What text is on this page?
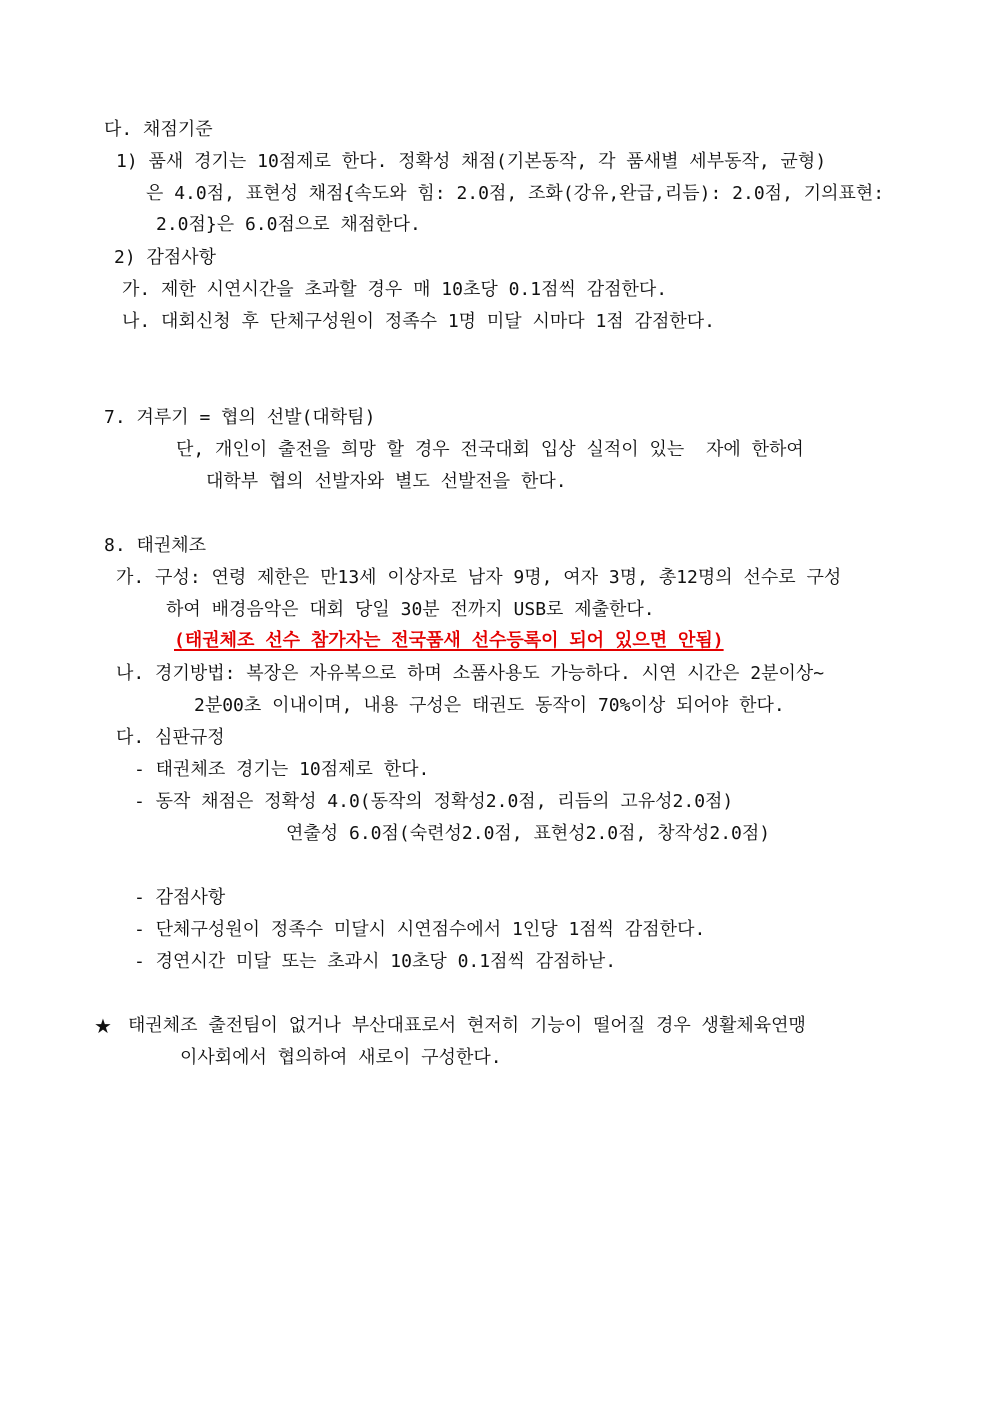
다. 채점기준
1) 품새 경기는 10점제로 한다. 정확성 채점(기본동작, 각 품새별 세부동작, 균형)
은 4.0점, 표현성 채점{속도와 힘: 2.0점, 조화(강유,완급,리듬): 2.0점, 기의표현:
2.0점}은 6.0점으로 채점한다.
2) 감점사항
가. 제한 시연시간을 초과할 경우 매 10초당 0.1점씩 감점한다.
나. 대회신청 후 단체구성원이 정족수 1명 미달 시마다 1점 감점한다.
7. 겨루기 = 협의 선발(대학팀)
단, 개인이 출전을 희망 할 경우 전국대회 입상 실적이 있는  자에 한하여
대학부 협의 선발자와 별도 선발전을 한다.
8. 태권체조
가. 구성: 연령 제한은 만13세 이상자로 남자 9명, 여자 3명, 총12명의 선수로 구성
하여 배경음악은 대회 당일 30분 전까지 USB로 제출한다.
(태권체조 선수 참가자는 전국품새 선수등록이 되어 있으면 안됨)
나. 경기방법: 복장은 자유복으로 하며 소품사용도 가능하다. 시연 시간은 2분이상~
2분00초 이내이며, 내용 구성은 태권도 동작이 70%이상 되어야 한다.
다. 심판규정
- 태권체조 경기는 10점제로 한다.
- 동작 채점은 정확성 4.0(동작의 정확성2.0점, 리듬의 고유성2.0점)
연출성 6.0점(숙련성2.0점, 표현성2.0점, 창작성2.0점)
- 감점사항
- 단체구성원이 정족수 미달시 시연점수에서 1인당 1점씩 감점한다.
- 경연시간 미달 또는 초과시 10초당 0.1점씩 감점하낟.
★ 태권체조 출전팀이 없거나 부산대표로서 현저히 기능이 떨어질 경우 생활체육연맹
이사회에서 협의하여 새로이 구성한다.
